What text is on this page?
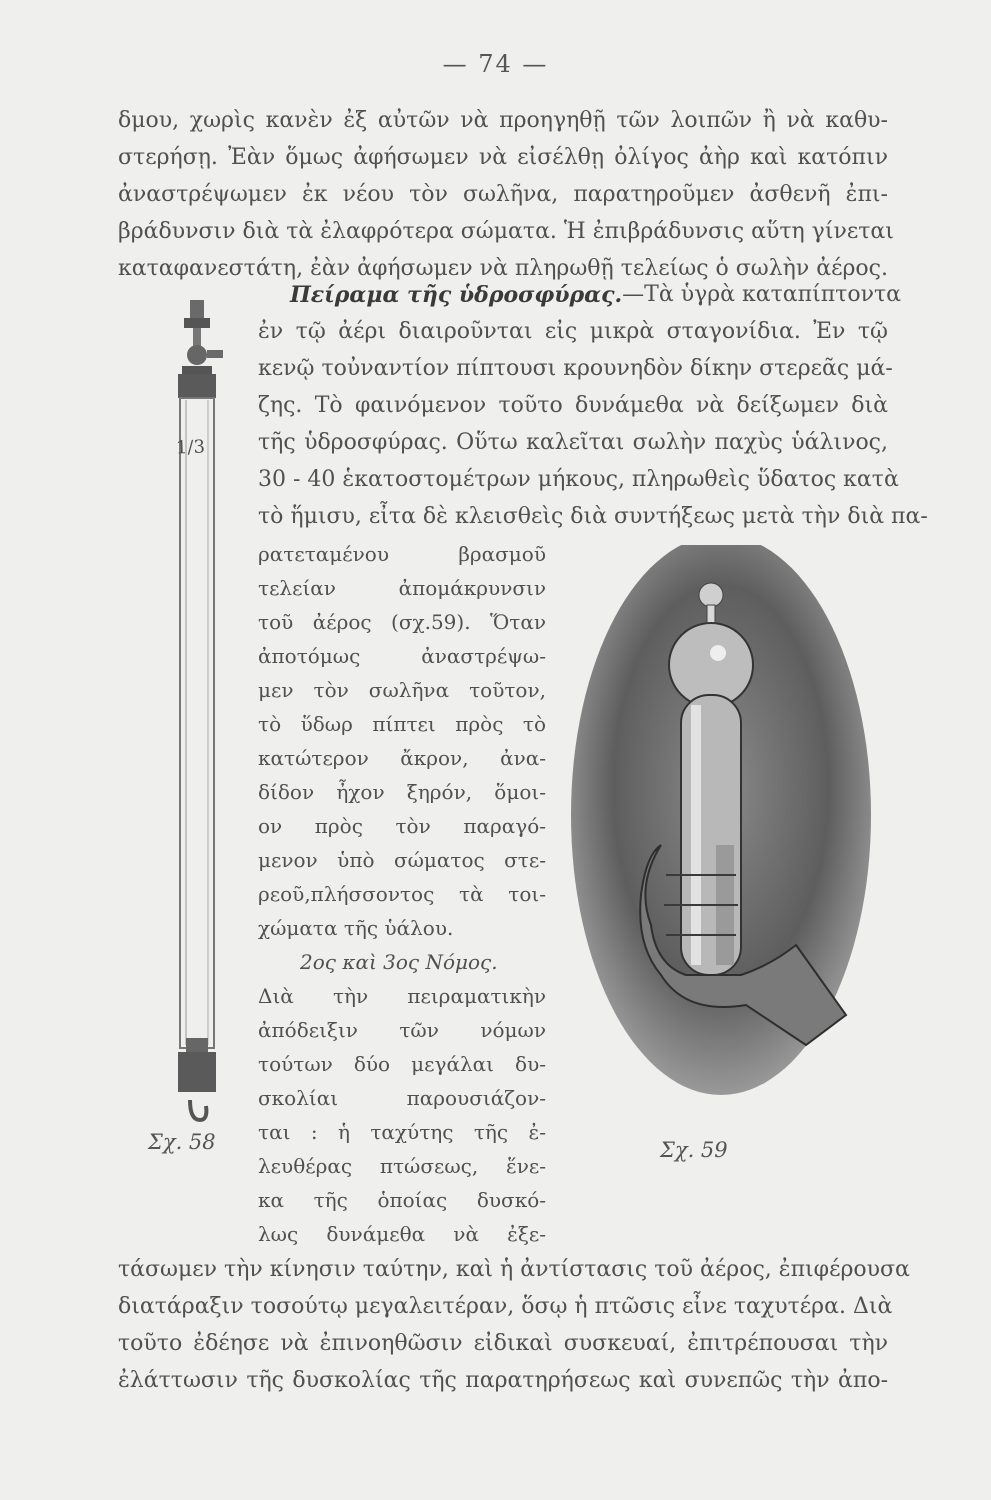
— 74 —
δμου, χωρὶς κανὲν ἐξ αὐτῶν νὰ προηγηθῇ τῶν λοιπῶν ἢ νὰ καθυ-
στερήσῃ. Ἐὰν ὅμως ἀφήσωμεν νὰ εἰσέλθῃ ὀλίγος ἀὴρ καὶ κατόπιν
ἀναστρέψωμεν ἐκ νέου τὸν σωλῆνα, παρατηροῦμεν ἀσθενῆ ἐπι-
βράδυνσιν διὰ τὰ ἐλαφρότερα σώματα. Ἡ ἐπιβράδυνσις αὕτη γίνεται
καταφανεστάτη, ἐὰν ἀφήσωμεν νὰ πληρωθῇ τελείως ὁ σωλὴν ἀέρος.
Πείραμα τῆς ὑδροσφύρας. —Τὰ ὑγρὰ καταπίπτοντα
ἐν τῷ ἀέρι διαιροῦνται εἰς μικρὰ σταγονίδια. Ἐν τῷ
κενῷ τοὐναντίον πίπτουσι κρουνηδὸν δίκην στερεᾶς μά-
ζης. Τὸ φαινόμενον τοῦτο δυνάμεθα νὰ δείξωμεν διὰ
τῆς ὑδροσφύρας. Οὕτω καλεῖται σωλὴν παχὺς ὑάλινος,
30 - 40 ἑκατοστομέτρων μήκους, πληρωθεὶς ὕδατος κατὰ
τὸ ἥμισυ, εἶτα δὲ κλεισθεὶς διὰ συντήξεως μετὰ τὴν διὰ πα-
ρατεταμένου βρασμοῦ
τελείαν ἀπομάκρυνσιν
τοῦ ἀέρος (σχ.59). Ὅταν
ἀποτόμως ἀναστρέψω-
μεν τὸν σωλῆνα τοῦτον,
τὸ ὕδωρ πίπτει πρὸς τὸ
κατώτερον ἄκρον, ἀνα-
δίδον ἦχον ξηρόν, ὅμοι-
ον πρὸς τὸν παραγό-
μενον ὑπὸ σώματος στε-
ρεοῦ,πλήσσοντος τὰ τοι-
χώματα τῆς ὑάλου.
2ος καὶ 3ος Νόμος.
Διὰ τὴν πειραματικὴν
ἀπόδειξιν τῶν νόμων
τούτων δύο μεγάλαι δυ-
σκολίαι παρουσιάζον-
ται : ἡ ταχύτης τῆς ἐ-
λευθέρας πτώσεως, ἕνε-
κα τῆς ὁποίας δυσκό-
λως δυνάμεθα νὰ ἐξε-
τάσωμεν τὴν κίνησιν ταύτην, καὶ ἡ ἀντίστασις τοῦ ἀέρος, ἐπιφέρουσα
διατάραξιν τοσούτῳ μεγαλειτέραν, ὅσῳ ἡ πτῶσις εἶνε ταχυτέρα. Διὰ
τοῦτο ἐδέησε νὰ ἐπινοηθῶσιν εἰδικαὶ συσκευαί, ἐπιτρέπουσαι τὴν
ἐλάττωσιν τῆς δυσκολίας τῆς παρατηρήσεως καὶ συνεπῶς τὴν ἀπο-
1/3
Σχ. 58	Σχ. 59
